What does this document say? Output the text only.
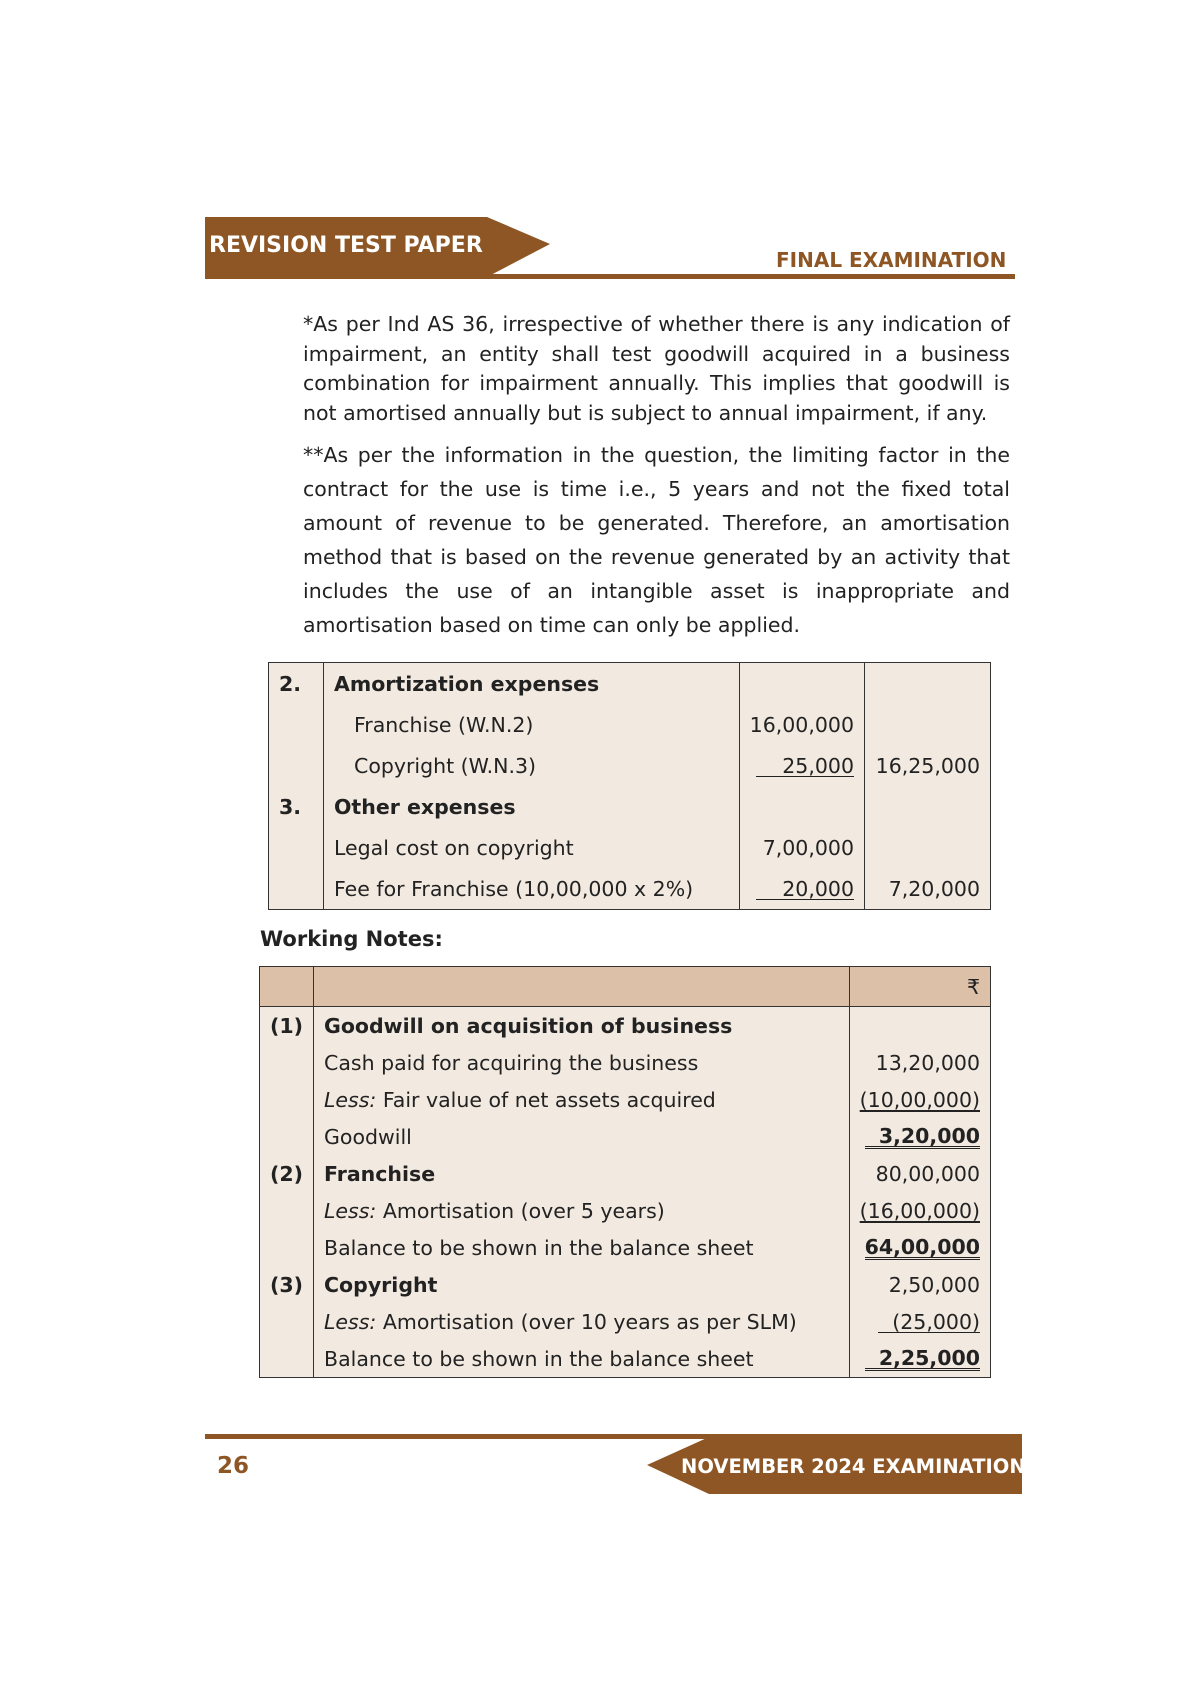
REVISION TEST PAPER
FINAL EXAMINATION
*As per Ind AS 36, irrespective of whether there is any indication of impairment, an entity shall test goodwill acquired in a business combination for impairment annually. This implies that goodwill is not amortised annually but is subject to annual impairment, if any.
**As per the information in the question, the limiting factor in the contract for the use is time i.e., 5 years and not the fixed total amount of revenue to be generated. Therefore, an amortisation method that is based on the revenue generated by an activity that includes the use of an intangible asset is inappropriate and amortisation based on time can only be applied.
2.	Amortization expenses		
	Franchise (W.N.2)	16,00,000	
	Copyright (W.N.3)	25,000	16,25,000
3.	Other expenses		
	Legal cost on copyright	7,00,000	
	Fee for Franchise (10,00,000 x 2%)	20,000	7,20,000
Working Notes:
		₹
(1)	Goodwill on acquisition of business	
	Cash paid for acquiring the business	13,20,000
	Less: Fair value of net assets acquired	(10,00,000)
	Goodwill	3,20,000
(2)	Franchise	80,00,000
	Less: Amortisation (over 5 years)	(16,00,000)
	Balance to be shown in the balance sheet	64,00,000
(3)	Copyright	2,50,000
	Less: Amortisation (over 10 years as per SLM)	(25,000)
	Balance to be shown in the balance sheet	2,25,000
26	NOVEMBER 2024 EXAMINATION
